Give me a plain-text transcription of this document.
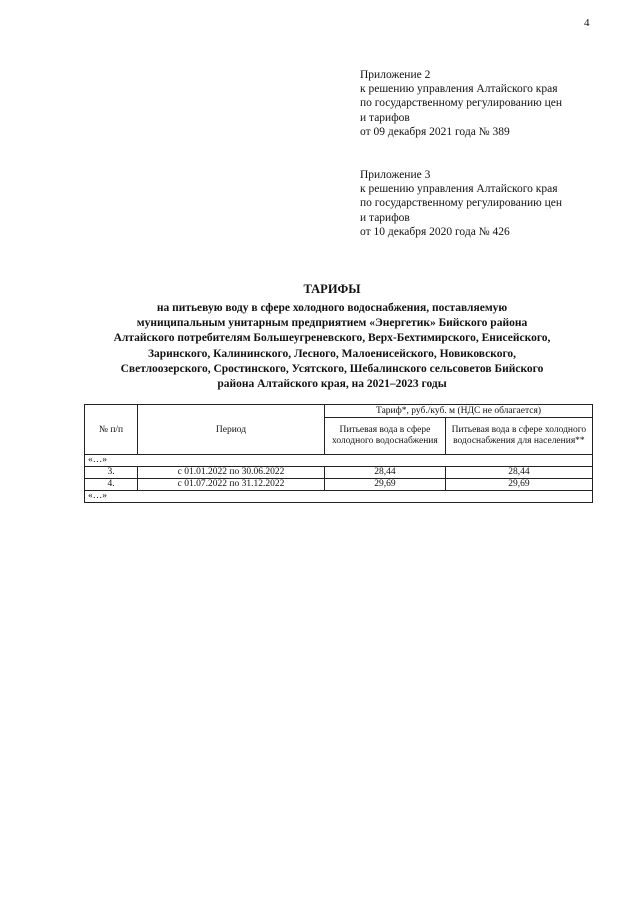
4
Приложение 2
к решению управления Алтайского края
по государственному регулированию цен
и тарифов
от 09 декабря 2021 года № 389
Приложение 3
к решению управления Алтайского края
по государственному регулированию цен
и тарифов
от 10 декабря 2020 года № 426
ТАРИФЫ
на питьевую воду в сфере холодного водоснабжения, поставляемую
муниципальным унитарным предприятием «Энергетик» Бийского района
Алтайского потребителям Большеугреневского, Верх-Бехтимирского, Енисейского,
Заринского, Калининского, Лесного, Малоенисейского, Новиковского,
Светлоозерского, Сростинского, Усятского, Шебалинского сельсоветов Бийского
района Алтайского края, на 2021–2023 годы
№ п/п	Период	Тариф*, руб./куб. м (НДС не облагается)	
		Питьевая вода в сфере холодного водоснабжения	Питьевая вода в сфере холодного водоснабжения для населения**
«…»			
3.	с 01.01.2022 по 30.06.2022	28,44	28,44
4.	с 01.07.2022 по 31.12.2022	29,69	29,69
«…»			
